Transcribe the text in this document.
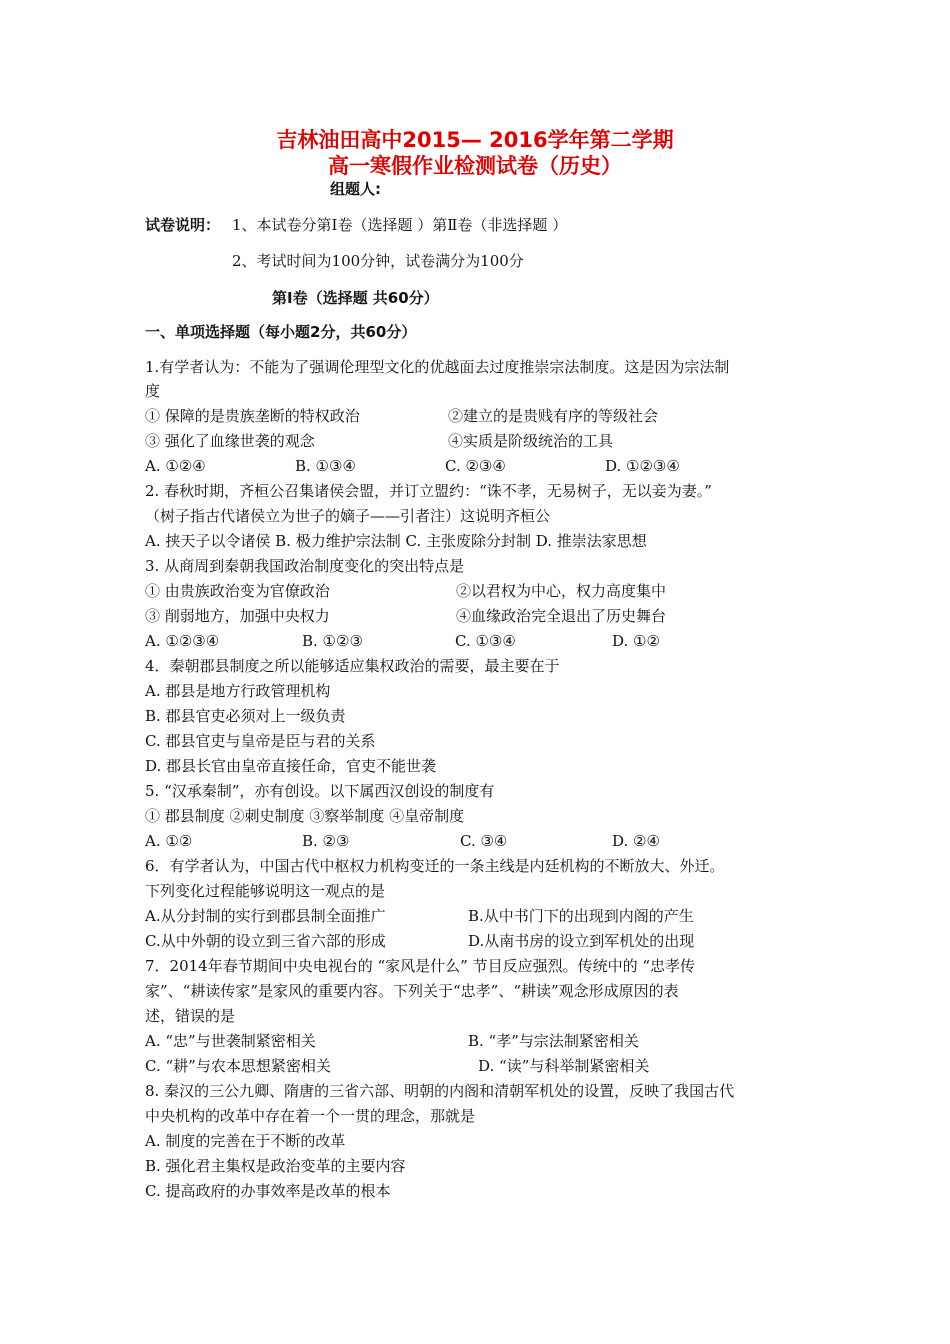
吉林油田高中2015— 2016学年第二学期
高一寒假作业检测试卷（历史）
组题人:
试卷说明： 1、本试卷分第Ⅰ卷（选择题 ）第Ⅱ卷（非选择题 ）
2、考试时间为100分钟，试卷满分为100分
第Ⅰ卷（选择题 共60分）
一、单项选择题（每小题2分，共60分）
1.有学者认为：不能为了强调伦理型文化的优越面去过度推崇宗法制度。这是因为宗法制
度
① 保障的是贵族垄断的特权政治	②建立的是贵贱有序的等级社会
③ 强化了血缘世袭的观念	④实质是阶级统治的工具
A. ①②④	B. ①③④	C. ②③④	D. ①②③④
2. 春秋时期，齐桓公召集诸侯会盟，并订立盟约：“诛不孝，无易树子，无以妾为妻。”
（树子指古代诸侯立为世子的嫡子——引者注）这说明齐桓公
A. 挟天子以令诸侯 B. 极力维护宗法制 C. 主张废除分封制 D. 推崇法家思想
3. 从商周到秦朝我国政治制度变化的突出特点是
① 由贵族政治变为官僚政治	②以君权为中心，权力高度集中
③ 削弱地方，加强中央权力	④血缘政治完全退出了历史舞台
A. ①②③④	B. ①②③	C. ①③④	D. ①②
4．秦朝郡县制度之所以能够适应集权政治的需要，最主要在于
A. 郡县是地方行政管理机构
B. 郡县官吏必须对上一级负责
C. 郡县官吏与皇帝是臣与君的关系
D. 郡县长官由皇帝直接任命，官吏不能世袭
5. “汉承秦制”，亦有创设。以下属西汉创设的制度有
① 郡县制度 ②刺史制度 ③察举制度 ④皇帝制度
A. ①②	B. ②③	C. ③④	D. ②④
6．有学者认为，中国古代中枢权力机构变迁的一条主线是内廷机构的不断放大、外迁。
下列变化过程能够说明这一观点的是
A.从分封制的实行到郡县制全面推广	B.从中书门下的出现到内阁的产生
C.从中外朝的设立到三省六部的形成	D.从南书房的设立到军机处的出现
7．2014年春节期间中央电视台的 “家风是什么” 节目反应强烈。传统中的 “忠孝传
家”、“耕读传家”是家风的重要内容。下列关于“忠孝”、“耕读”观念形成原因的表
述，错误的是
A. “忠”与世袭制紧密相关	B. “孝”与宗法制紧密相关
C. “耕”与农本思想紧密相关	D. “读”与科举制紧密相关
8. 秦汉的三公九卿、隋唐的三省六部、明朝的内阁和清朝军机处的设置，反映了我国古代
中央机构的改革中存在着一个一贯的理念，那就是
A. 制度的完善在于不断的改革
B. 强化君主集权是政治变革的主要内容
C. 提高政府的办事效率是改革的根本
